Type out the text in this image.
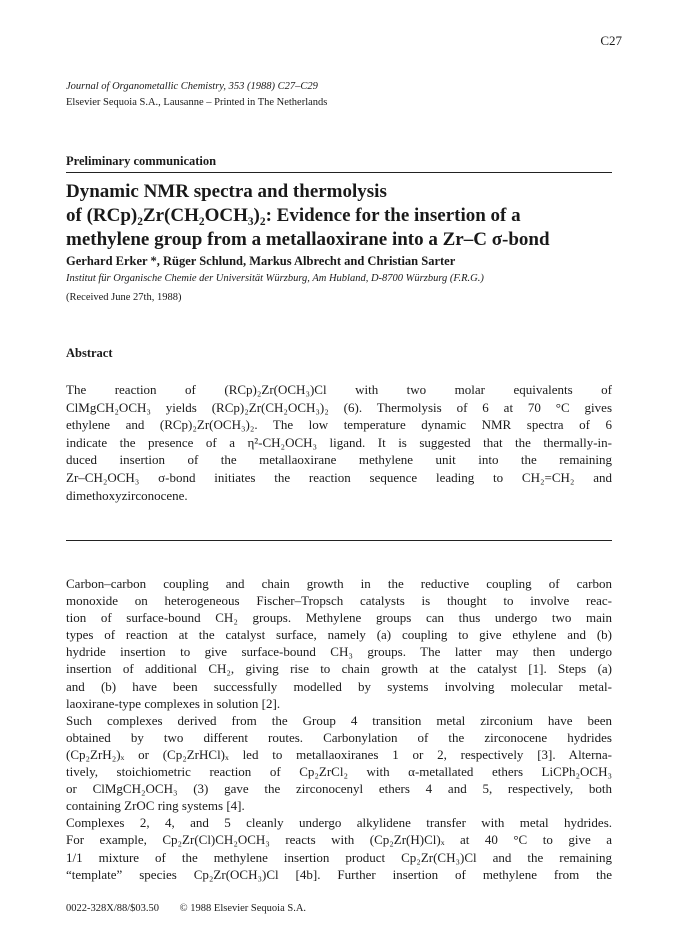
C27
Journal of Organometallic Chemistry, 353 (1988) C27–C29
Elsevier Sequoia S.A., Lausanne – Printed in The Netherlands
Preliminary communication
Dynamic NMR spectra and thermolysis
of (RCp)₂Zr(CH₂OCH₃)₂: Evidence for the insertion of a
methylene group from a metallaoxirane into a Zr–C σ-bond
Gerhard Erker *, Rüger Schlund, Markus Albrecht and Christian Sarter
Institut für Organische Chemie der Universität Würzburg, Am Hubland, D-8700 Würzburg (F.R.G.)
(Received June 27th, 1988)
Abstract
The reaction of (RCp)₂Zr(OCH₃)Cl with two molar equivalents of
ClMgCH₂OCH₃ yields (RCp)₂Zr(CH₂OCH₃)₂ (6). Thermolysis of 6 at 70 °C gives
ethylene and (RCp)₂Zr(OCH₃)₂. The low temperature dynamic NMR spectra of 6
indicate the presence of a η²-CH₂OCH₃ ligand. It is suggested that the thermally-in-
duced insertion of the metallaoxirane methylene unit into the remaining
Zr–CH₂OCH₃ σ-bond initiates the reaction sequence leading to CH₂=CH₂ and
dimethoxyzirconocene.
Carbon–carbon coupling and chain growth in the reductive coupling of carbon
monoxide on heterogeneous Fischer–Tropsch catalysts is thought to involve reac-
tion of surface-bound CH₂ groups. Methylene groups can thus undergo two main
types of reaction at the catalyst surface, namely (a) coupling to give ethylene and (b)
hydride insertion to give surface-bound CH₃ groups. The latter may then undergo
insertion of additional CH₂, giving rise to chain growth at the catalyst [1]. Steps (a)
and (b) have been successfully modelled by systems involving molecular metal-
laoxirane-type complexes in solution [2].
Such complexes derived from the Group 4 transition metal zirconium have been
obtained by two different routes. Carbonylation of the zirconocene hydrides
(Cp₂ZrH₂)ₓ or (Cp₂ZrHCl)ₓ led to metallaoxiranes 1 or 2, respectively [3]. Alterna-
tively, stoichiometric reaction of Cp₂ZrCl₂ with α-metallated ethers LiCPh₂OCH₃
or ClMgCH₂OCH₃ (3) gave the zirconocenyl ethers 4 and 5, respectively, both
containing ZrOC ring systems [4].
Complexes 2, 4, and 5 cleanly undergo alkylidene transfer with metal hydrides.
For example, Cp₂Zr(Cl)CH₂OCH₃ reacts with (Cp₂Zr(H)Cl)ₓ at 40 °C to give a
1/1 mixture of the methylene insertion product Cp₂Zr(CH₃)Cl and the remaining
“template” species Cp₂Zr(OCH₃)Cl [4b]. Further insertion of methylene from the
0022-328X/88/$03.50 © 1988 Elsevier Sequoia S.A.
